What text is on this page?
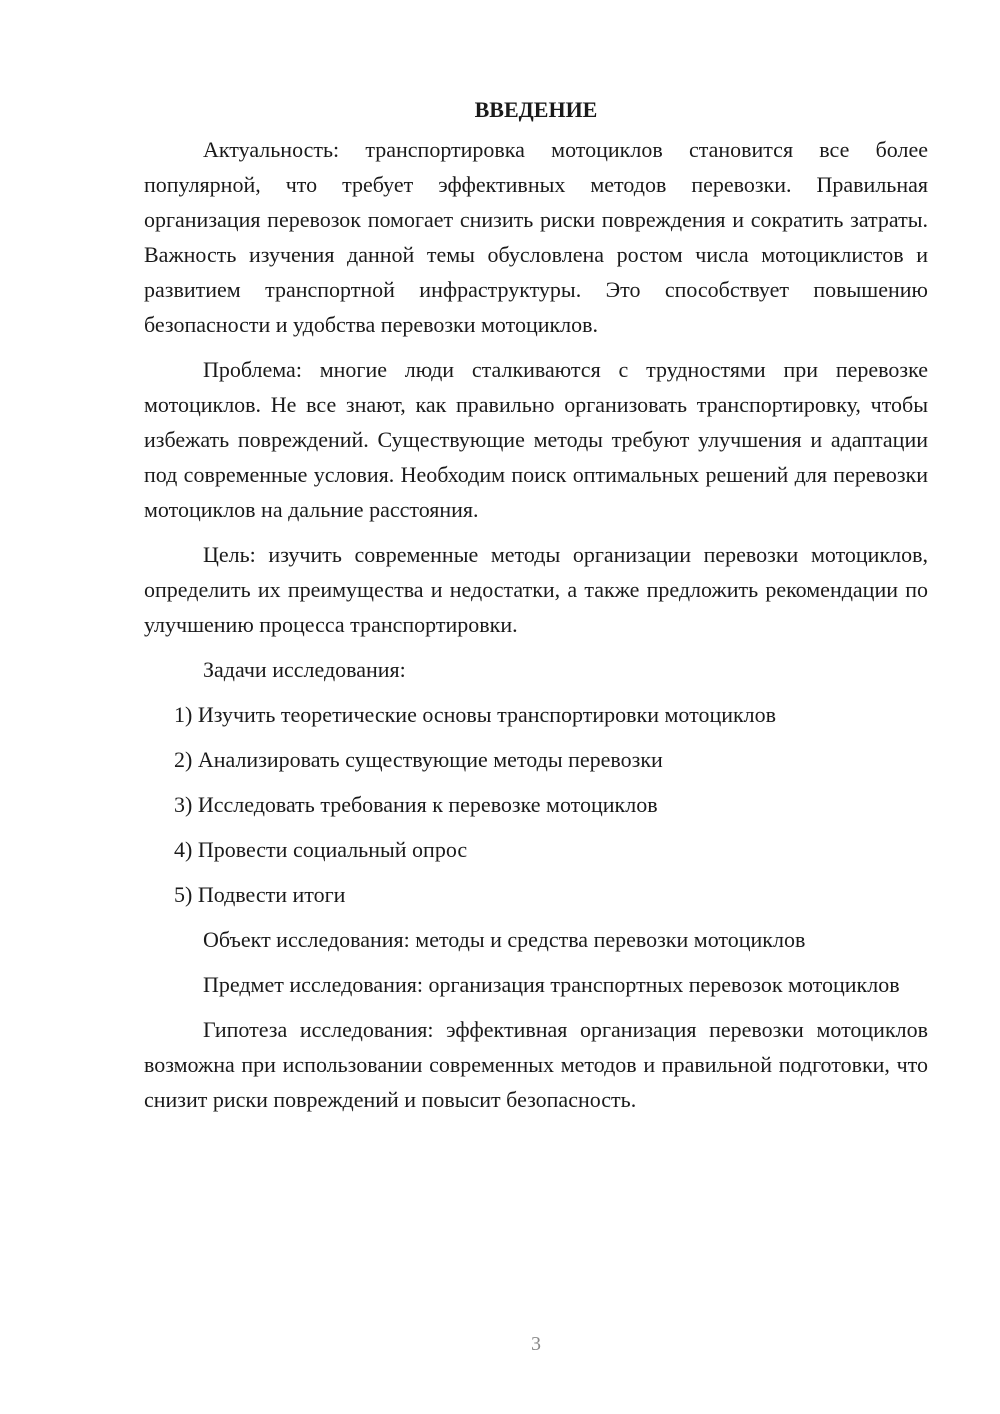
ВВЕДЕНИЕ

Актуальность: транспортировка мотоциклов становится все более популярной, что требует эффективных методов перевозки. Правильная организация перевозок помогает снизить риски повреждения и сократить затраты. Важность изучения данной темы обусловлена ростом числа мотоциклистов и развитием транспортной инфраструктуры. Это способствует повышению безопасности и удобства перевозки мотоциклов.

Проблема: многие люди сталкиваются с трудностями при перевозке мотоциклов. Не все знают, как правильно организовать транспортировку, чтобы избежать повреждений. Существующие методы требуют улучшения и адаптации под современные условия. Необходим поиск оптимальных решений для перевозки мотоциклов на дальние расстояния.

Цель: изучить современные методы организации перевозки мотоциклов, определить их преимущества и недостатки, а также предложить рекомендации по улучшению процесса транспортировки.

Задачи исследования:

1) Изучить теоретические основы транспортировки мотоциклов
2) Анализировать существующие методы перевозки
3) Исследовать требования к перевозке мотоциклов
4) Провести социальный опрос
5) Подвести итоги

Объект исследования: методы и средства перевозки мотоциклов

Предмет исследования: организация транспортных перевозок мотоциклов

Гипотеза исследования: эффективная организация перевозки мотоциклов возможна при использовании современных методов и правильной подготовки, что снизит риски повреждений и повысит безопасность.

3
